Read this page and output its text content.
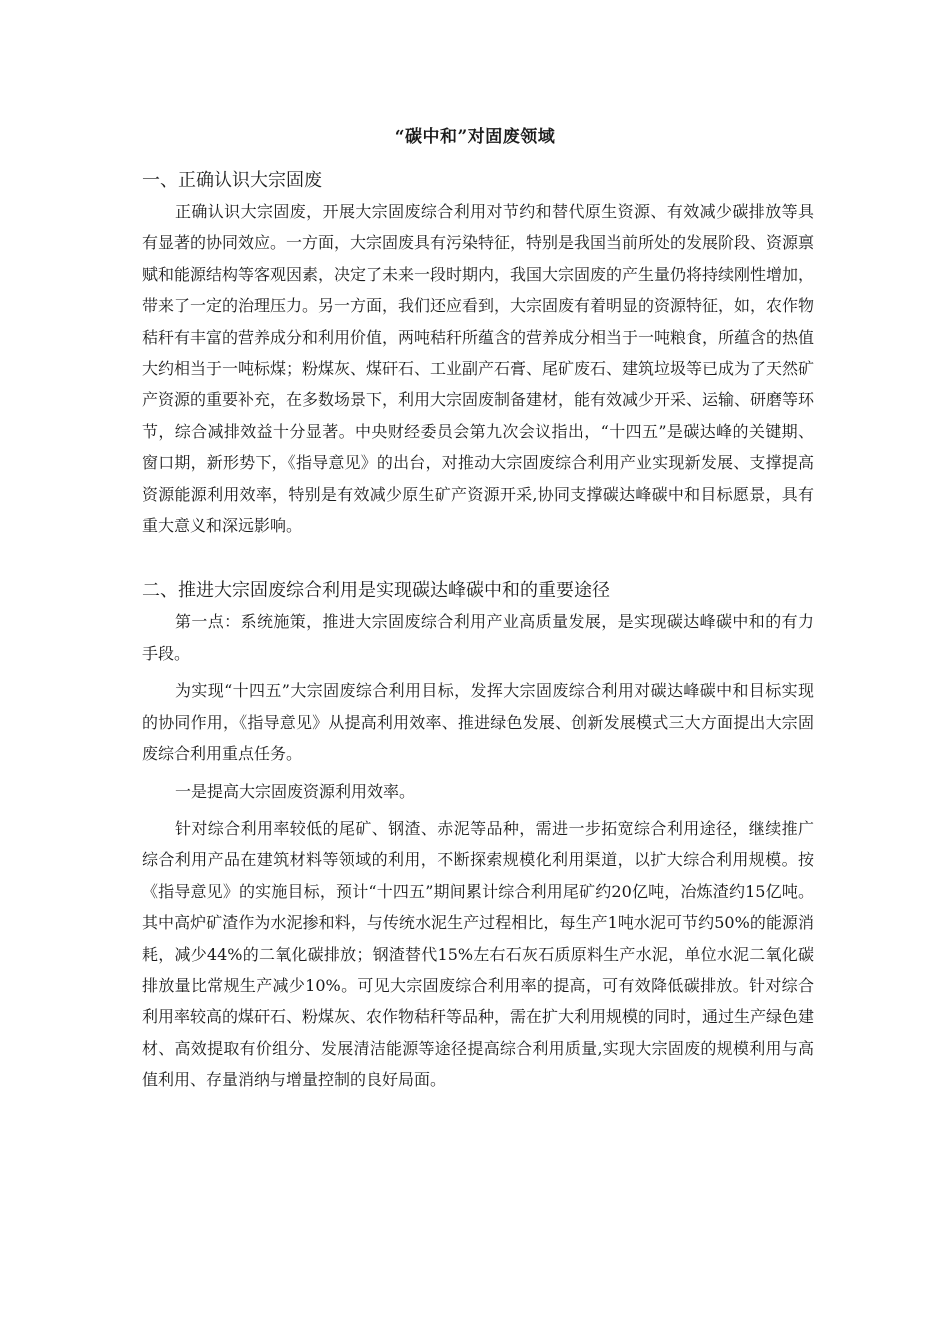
“碳中和”对固废领域
一、正确认识大宗固废

正确认识大宗固废，开展大宗固废综合利用对节约和替代原生资源、有效减少碳排放等具有显著的协同效应。一方面，大宗固废具有污染特征，特别是我国当前所处的发展阶段、资源禀赋和能源结构等客观因素，决定了未来一段时期内，我国大宗固废的产生量仍将持续刚性增加，带来了一定的治理压力。另一方面，我们还应看到，大宗固废有着明显的资源特征，如，农作物秸秆有丰富的营养成分和利用价值，两吨秸秆所蕴含的营养成分相当于一吨粮食，所蕴含的热值大约相当于一吨标煤；粉煤灰、煤矸石、工业副产石膏、尾矿废石、建筑垃圾等已成为了天然矿产资源的重要补充，在多数场景下，利用大宗固废制备建材，能有效减少开采、运输、研磨等环节，综合减排效益十分显著。中央财经委员会第九次会议指出，“十四五”是碳达峰的关键期、窗口期，新形势下，《指导意见》的出台，对推动大宗固废综合利用产业实现新发展、支撑提高资源能源利用效率，特别是有效减少原生矿产资源开采,协同支撑碳达峰碳中和目标愿景，具有重大意义和深远影响。

二、推进大宗固废综合利用是实现碳达峰碳中和的重要途径

第一点：系统施策，推进大宗固废综合利用产业高质量发展，是实现碳达峰碳中和的有力手段。

为实现“十四五”大宗固废综合利用目标，发挥大宗固废综合利用对碳达峰碳中和目标实现的协同作用，《指导意见》从提高利用效率、推进绿色发展、创新发展模式三大方面提出大宗固废综合利用重点任务。

一是提高大宗固废资源利用效率。

针对综合利用率较低的尾矿、钢渣、赤泥等品种，需进一步拓宽综合利用途径，继续推广综合利用产品在建筑材料等领域的利用，不断探索规模化利用渠道，以扩大综合利用规模。按《指导意见》的实施目标，预计“十四五”期间累计综合利用尾矿约20亿吨，冶炼渣约15亿吨。其中高炉矿渣作为水泥掺和料，与传统水泥生产过程相比，每生产1吨水泥可节约50%的能源消耗，减少44%的二氧化碳排放；钢渣替代15%左右石灰石质原料生产水泥，单位水泥二氧化碳排放量比常规生产减少10%。可见大宗固废综合利用率的提高，可有效降低碳排放。针对综合利用率较高的煤矸石、粉煤灰、农作物秸秆等品种，需在扩大利用规模的同时，通过生产绿色建材、高效提取有价组分、发展清洁能源等途径提高综合利用质量,实现大宗固废的规模利用与高值利用、存量消纳与增量控制的良好局面。
